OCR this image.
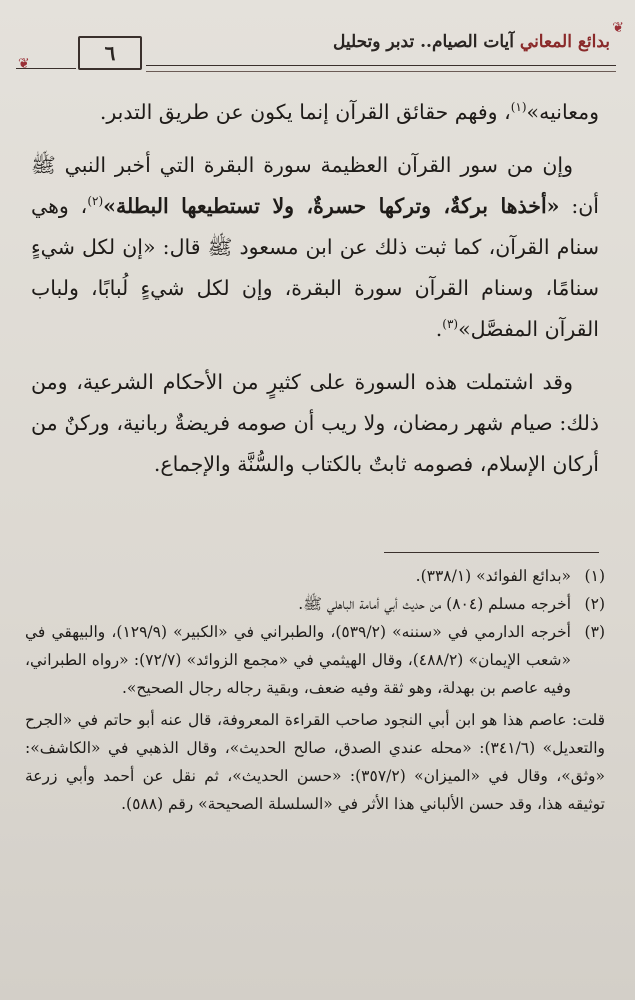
❦
بدائع المعاني آيات الصيام.. تدبر وتحليل
٦
❦

ومعانيه»$^{(١)}$، وفهم حقائق القرآن إنما يكون عن طريق التدبر.

وإن من سور القرآن العظيمة سورة البقرة التي أخبر النبي ﷺ أن: «أخذها بركةٌ، وتركها حسرةٌ، ولا تستطيعها البطلة»$^{(٢)}$، وهي سنام القرآن، كما ثبت ذلك عن ابن مسعود ﷺ قال: «إن لكل شيءٍ سنامًا، وسنام القرآن سورة البقرة، وإن لكل شيءٍ لُبابًا، ولباب القرآن المفصَّل»$^{(٣)}$.

وقد اشتملت هذه السورة على كثيرٍ من الأحكام الشرعية، ومن ذلك: صيام شهر رمضان، ولا ريب أن صومه فريضةٌ ربانية، وركنٌ من أركان الإسلام، فصومه ثابتٌ بالكتاب والسُّنَّة والإجماع.

(١)
«بدائع الفوائد» (٣٣٨/١).
(٢)
أخرجه مسلم (٨٠٤) من حديث أبي أمامة الباهلي ﷺ.
(٣)
أخرجه الدارمي في «سننه» (٥٣٩/٢)، والطبراني في «الكبير» (١٢٩/٩)، والبيهقي في «شعب الإيمان» (٤٨٨/٢)، وقال الهيثمي في «مجمع الزوائد» (٧٢/٧): «رواه الطبراني، وفيه عاصم بن بهدلة، وهو ثقة وفيه ضعف، وبقية رجاله رجال الصحيح».
قلت: عاصم هذا هو ابن أبي النجود صاحب القراءة المعروفة، قال عنه أبو حاتم في «الجرح والتعديل» (٣٤١/٦): «محله عندي الصدق، صالح الحديث»، وقال الذهبي في «الكاشف»: «وثق»، وقال في «الميزان» (٣٥٧/٢): «حسن الحديث»، ثم نقل عن أحمد وأبي زرعة توثيقه هذا، وقد حسن الألباني هذا الأثر في «السلسلة الصحيحة» رقم (٥٨٨).
